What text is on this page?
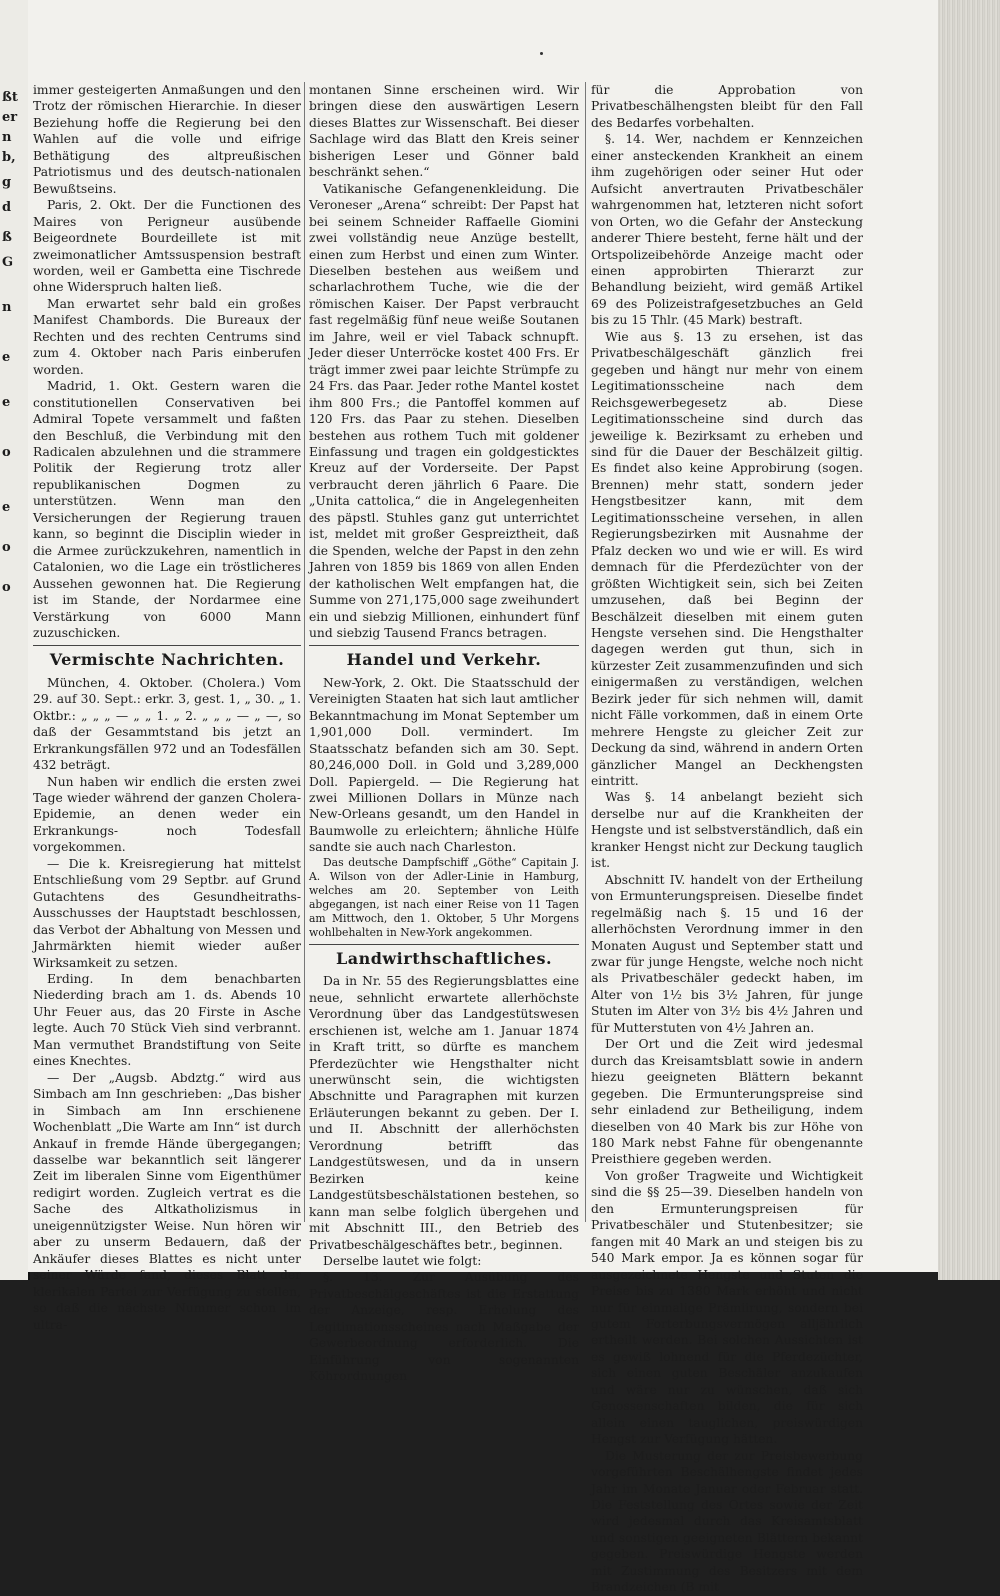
ßt
er
n
b,
g
d
ß
G
n
e
e
o
e
o
o

immer gesteigerten Anmaßungen und den Trotz der römischen Hierarchie. In dieser Beziehung hoffe die Regierung bei den Wahlen auf die volle und eifrige Bethätigung des altpreußischen Patriotismus und des deutsch-nationalen Bewußtseins.

Paris, 2. Okt. Der die Functionen des Maires von Perigneur ausübende Beigeordnete Bourdeillete ist mit zweimonatlicher Amtssuspension bestraft worden, weil er Gambetta eine Tischrede ohne Widerspruch halten ließ.

Man erwartet sehr bald ein großes Manifest Chambords. Die Bureaux der Rechten und des rechten Centrums sind zum 4. Oktober nach Paris einberufen worden.

Madrid, 1. Okt. Gestern waren die constitutionellen Conservativen bei Admiral Topete versammelt und faßten den Beschluß, die Verbindung mit den Radicalen abzulehnen und die strammere Politik der Regierung trotz aller republikanischen Dogmen zu unterstützen. Wenn man den Versicherungen der Regierung trauen kann, so beginnt die Disciplin wieder in die Armee zurückzukehren, namentlich in Catalonien, wo die Lage ein tröstlicheres Aussehen gewonnen hat. Die Regierung ist im Stande, der Nordarmee eine Verstärkung von 6000 Mann zuzuschicken.

Vermischte Nachrichten.

München, 4. Oktober. (Cholera.) Vom 29. auf 30. Sept.: erkr. 3, gest. 1, „ 30. „ 1. Oktbr.: „ „ „ — „ „ 1. „ 2. „ „ „ — „ —, so daß der Gesammtstand bis jetzt an Erkrankungsfällen 972 und an Todesfällen 432 beträgt.

Nun haben wir endlich die ersten zwei Tage wieder während der ganzen Cholera-Epidemie, an denen weder ein Erkrankungs- noch Todesfall vorgekommen.

— Die k. Kreisregierung hat mittelst Entschließung vom 29 Septbr. auf Grund Gutachtens des Gesundheitraths-Ausschusses der Hauptstadt beschlossen, das Verbot der Abhaltung von Messen und Jahrmärkten hiemit wieder außer Wirksamkeit zu setzen.

Erding. In dem benachbarten Niederding brach am 1. ds. Abends 10 Uhr Feuer aus, das 20 Firste in Asche legte. Auch 70 Stück Vieh sind verbrannt. Man vermuthet Brandstiftung von Seite eines Knechtes.

— Der „Augsb. Abdztg.“ wird aus Simbach am Inn geschrieben: „Das bisher in Simbach am Inn erschienene Wochenblatt „Die Warte am Inn“ ist durch Ankauf in fremde Hände übergegangen; dasselbe war bekanntlich seit längerer Zeit im liberalen Sinne vom Eigenthümer redigirt worden. Zugleich vertrat es die Sache des Altkatholizismus in uneigennützigster Weise. Nun hören wir aber zu unserm Bedauern, daß der Ankäufer dieses Blattes es nicht unter seiner Würde fand, dieses Blatt der klerikalen Partei zur Verfügung zu stellen, so daß die nächste Nummer schon im ultra-

montanen Sinne erscheinen wird. Wir bringen diese den auswärtigen Lesern dieses Blattes zur Wissenschaft. Bei dieser Sachlage wird das Blatt den Kreis seiner bisherigen Leser und Gönner bald beschränkt sehen.“

Vatikanische Gefangenenkleidung. Die Veroneser „Arena“ schreibt: Der Papst hat bei seinem Schneider Raffaelle Giomini zwei vollständig neue Anzüge bestellt, einen zum Herbst und einen zum Winter. Dieselben bestehen aus weißem und scharlachrothem Tuche, wie die der römischen Kaiser. Der Papst verbraucht fast regelmäßig fünf neue weiße Soutanen im Jahre, weil er viel Taback schnupft. Jeder dieser Unterröcke kostet 400 Frs. Er trägt immer zwei paar leichte Strümpfe zu 24 Frs. das Paar. Jeder rothe Mantel kostet ihm 800 Frs.; die Pantoffel kommen auf 120 Frs. das Paar zu stehen. Dieselben bestehen aus rothem Tuch mit goldener Einfassung und tragen ein goldgesticktes Kreuz auf der Vorderseite. Der Papst verbraucht deren jährlich 6 Paare. Die „Unita cattolica,“ die in Angelegenheiten des päpstl. Stuhles ganz gut unterrichtet ist, meldet mit großer Gespreiztheit, daß die Spenden, welche der Papst in den zehn Jahren von 1859 bis 1869 von allen Enden der katholischen Welt empfangen hat, die Summe von 271,175,000 sage zweihundert ein und siebzig Millionen, einhundert fünf und siebzig Tausend Francs betragen.

Handel und Verkehr.

New-York, 2. Okt. Die Staatsschuld der Vereinigten Staaten hat sich laut amtlicher Bekanntmachung im Monat September um 1,901,000 Doll. vermindert. Im Staatsschatz befanden sich am 30. Sept. 80,246,000 Doll. in Gold und 3,289,000 Doll. Papiergeld. — Die Regierung hat zwei Millionen Dollars in Münze nach New-Orleans gesandt, um den Handel in Baumwolle zu erleichtern; ähnliche Hülfe sandte sie auch nach Charleston.

Das deutsche Dampfschiff „Göthe“ Capitain J. A. Wilson von der Adler-Linie in Hamburg, welches am 20. September von Leith abgegangen, ist nach einer Reise von 11 Tagen am Mittwoch, den 1. Oktober, 5 Uhr Morgens wohlbehalten in New-York angekommen.

Landwirthschaftliches.

Da in Nr. 55 des Regierungsblattes eine neue, sehnlicht erwartete allerhöchste Verordnung über das Landgestütswesen erschienen ist, welche am 1. Januar 1874 in Kraft tritt, so dürfte es manchem Pferdezüchter wie Hengsthalter nicht unerwünscht sein, die wichtigsten Abschnitte und Paragraphen mit kurzen Erläuterungen bekannt zu geben. Der I. und II. Abschnitt der allerhöchsten Verordnung betrifft das Landgestütswesen, und da in unsern Bezirken keine Landgestütsbeschälstationen bestehen, so kann man selbe folglich übergehen und mit Abschnitt III., den Betrieb des Privatbeschälgeschäftes betr., beginnen.

Derselbe lautet wie folgt:

§. 13. Zur Ausübung des Privatbeschälgeschäftes ist die Erstattung der Anzeige, resp. Erholung des Legitimationsscheines nach Maßgabe der Gewerbeordnung erforderlich. Die Einführung von sogenannten Köhrordnungen

für die Approbation von Privatbeschälhengsten bleibt für den Fall des Bedarfes vorbehalten.

§. 14. Wer, nachdem er Kennzeichen einer ansteckenden Krankheit an einem ihm zugehörigen oder seiner Hut oder Aufsicht anvertrauten Privatbeschäler wahrgenommen hat, letzteren nicht sofort von Orten, wo die Gefahr der Ansteckung anderer Thiere besteht, ferne hält und der Ortspolizeibehörde Anzeige macht oder einen approbirten Thierarzt zur Behandlung beizieht, wird gemäß Artikel 69 des Polizeistrafgesetzbuches an Geld bis zu 15 Thlr. (45 Mark) bestraft.

Wie aus §. 13 zu ersehen, ist das Privatbeschälgeschäft gänzlich frei gegeben und hängt nur mehr von einem Legitimationsscheine nach dem Reichsgewerbegesetz ab. Diese Legitimationsscheine sind durch das jeweilige k. Bezirksamt zu erheben und sind für die Dauer der Beschälzeit giltig. Es findet also keine Approbirung (sogen. Brennen) mehr statt, sondern jeder Hengstbesitzer kann, mit dem Legitimationsscheine versehen, in allen Regierungsbezirken mit Ausnahme der Pfalz decken wo und wie er will. Es wird demnach für die Pferdezüchter von der größten Wichtigkeit sein, sich bei Zeiten umzusehen, daß bei Beginn der Beschälzeit dieselben mit einem guten Hengste versehen sind. Die Hengsthalter dagegen werden gut thun, sich in kürzester Zeit zusammenzufinden und sich einigermaßen zu verständigen, welchen Bezirk jeder für sich nehmen will, damit nicht Fälle vorkommen, daß in einem Orte mehrere Hengste zu gleicher Zeit zur Deckung da sind, während in andern Orten gänzlicher Mangel an Deckhengsten eintritt.

Was §. 14 anbelangt bezieht sich derselbe nur auf die Krankheiten der Hengste und ist selbstverständlich, daß ein kranker Hengst nicht zur Deckung tauglich ist.

Abschnitt IV. handelt von der Ertheilung von Ermunterungspreisen. Dieselbe findet regelmäßig nach §. 15 und 16 der allerhöchsten Verordnung immer in den Monaten August und September statt und zwar für junge Hengste, welche noch nicht als Privatbeschäler gedeckt haben, im Alter von 1½ bis 3½ Jahren, für junge Stuten im Alter von 3½ bis 4½ Jahren und für Mutterstuten von 4½ Jahren an.

Der Ort und die Zeit wird jedesmal durch das Kreisamtsblatt sowie in andern hiezu geeigneten Blättern bekannt gegeben. Die Ermunterungspreise sind sehr einladend zur Betheiligung, indem dieselben von 40 Mark bis zur Höhe von 180 Mark nebst Fahne für obengenannte Preisthiere gegeben werden.

Von großer Tragweite und Wichtigkeit sind die §§ 25—39. Dieselben handeln von den Ermunterungspreisen für Privatbeschäler und Stutenbesitzer; sie fangen mit 40 Mark an und steigen bis zu 540 Mark empor. Ja es können sogar für ausgezeichnete Hengste und Stuten die Preise bis zu 1380 Mark erhöht und nicht nur für einmalige Prämiirung, sondern bei gutem Forterbungsvermögen alljährlich ertheilt werden. Bei solchen Aussichten ist es gewiß lohnend für die Pferdezüchter, sich einen guten Beschäler anzukaufen und wäre nur zu wünschen, daß sich Genossenschaften bilden, die für sich allein einen tauglichen, preiswürdigen Hengst zur Verfügung hätten.

Die Musterung der zur Preisbewerbung vorgeführten Beschälhengste findet jedes Jahr im Monate Januar oder Februar statt. Die Feststellung des Ortes sowie der Zeit wird jedesmal durch das Kreisamtsblatt und sonstigen geeigneten Blättern bekannt gegeben. Preiswürdige Hengste werden mit Zustimmung des Besitzers mit dem Brandzeichen (B mit
